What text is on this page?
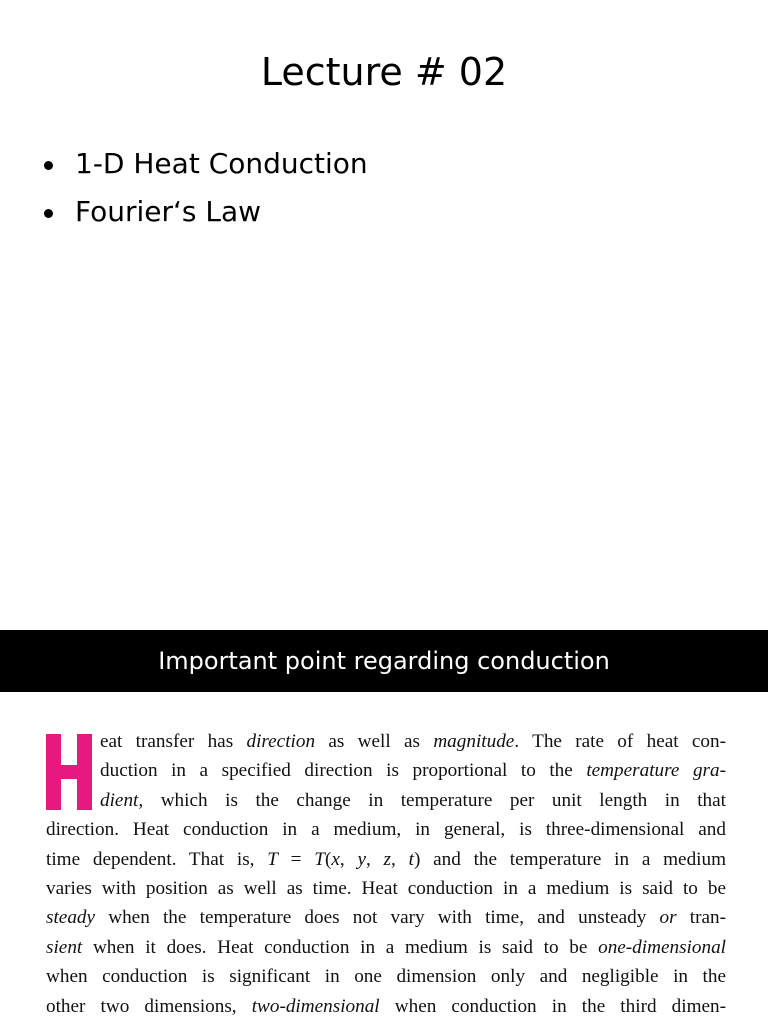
Lecture # 02
1-D Heat Conduction
Fourier‘s Law
Important point regarding conduction
eat transfer has direction as well as magnitude. The rate of heat con-
duction in a specified direction is proportional to the temperature gra-
dient, which is the change in temperature per unit length in that
direction. Heat conduction in a medium, in general, is three-dimensional and
time dependent. That is, T = T(x, y, z, t) and the temperature in a medium
varies with position as well as time. Heat conduction in a medium is said to be
steady when the temperature does not vary with time, and unsteady or tran-
sient when it does. Heat conduction in a medium is said to be one-dimensional
when conduction is significant in one dimension only and negligible in the
other two dimensions, two-dimensional when conduction in the third dimen-
